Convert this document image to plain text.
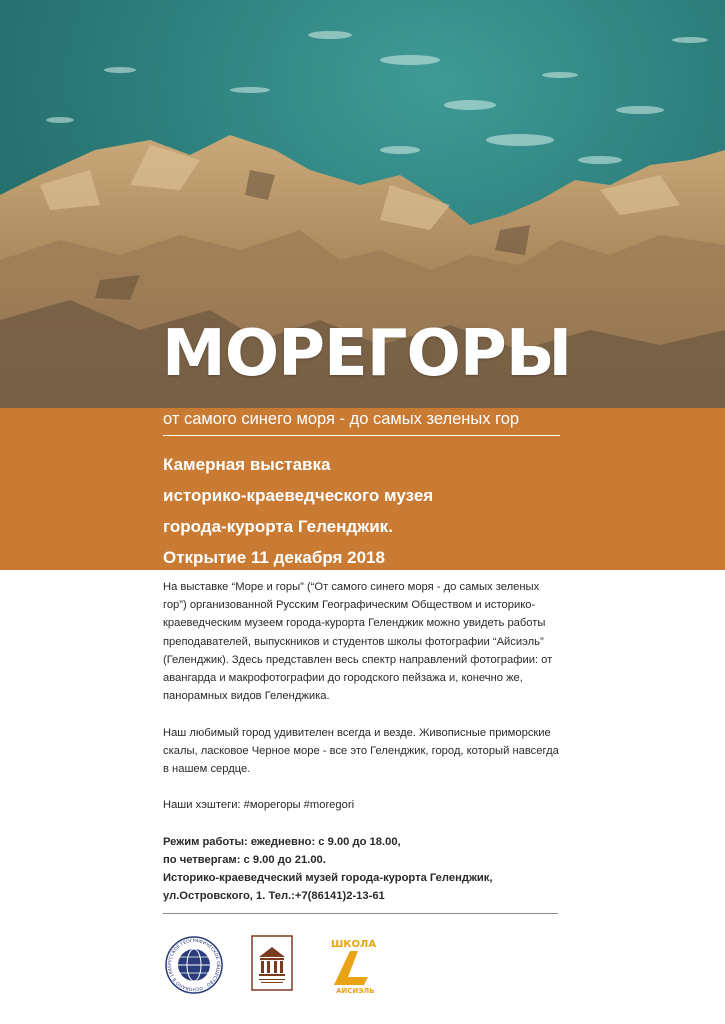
МОРЕГОРЫ
от самого синего моря - до самых зеленых гор
Камерная выставка
историко-краеведческого музея
города-курорта Геленджик.
Открытие 11 декабря 2018

На выставке “Море и горы” (“От самого синего моря - до самых зеленых гор”) организованной Русским Географическим Обществом и историко-краеведческим музеем города-курорта Геленджик можно увидеть работы преподавателей, выпускников и студентов школы фотографии “Айсиэль” (Геленджик). Здесь представлен весь спектр направлений фотографии: от авангарда и макрофотографии до городского пейзажа и, конечно же, панорамных видов Геленджика.

Наш любимый город удивителен всегда и везде. Живописные приморские скалы, ласковое Черное море - все это Геленджик, город, который навсегда в нашем сердце.

Наши хэштеги: #морегоры #moregori

Режим работы: ежедневно: с 9.00 до 18.00,
по четвергам: с 9.00 до 21.00.
Историко-краеведческий музей города-курорта Геленджик,
ул.Островского, 1. Тел.:+7(86141)2-13-61
РУССКОЕ ГЕОГРАФИЧЕСКОЕ ОБЩЕСТВО · ОСНОВАНО В 1845
ШКОЛА
АЙСИЭЛЬ
